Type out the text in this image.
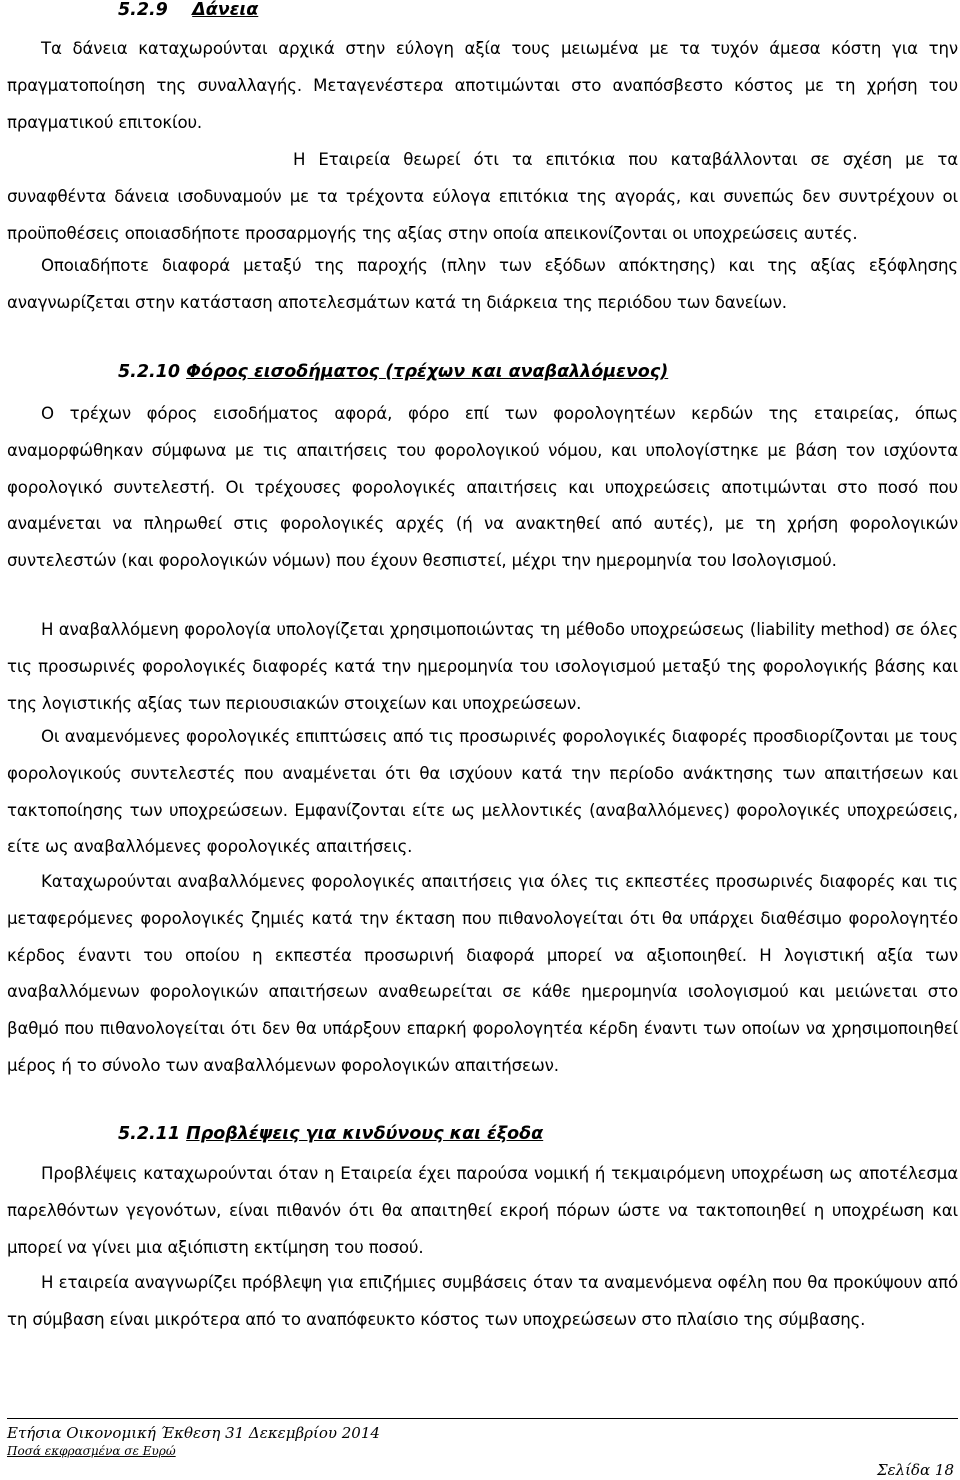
5.2.9 Δάνεια

Τα δάνεια καταχωρούνται αρχικά στην εύλογη αξία τους μειωμένα με τα τυχόν άμεσα κόστη για την πραγματοποίηση της συναλλαγής. Μεταγενέστερα αποτιμώνται στο αναπόσβεστο κόστος με τη χρήση του πραγματικού επιτοκίου.

Η Εταιρεία θεωρεί ότι τα επιτόκια που καταβάλλονται σε σχέση με τα συναφθέντα δάνεια ισοδυναμούν με τα τρέχοντα εύλογα επιτόκια της αγοράς, και συνεπώς δεν συντρέχουν οι προϋποθέσεις οποιασδήποτε προσαρμογής της αξίας στην οποία απεικονίζονται οι υποχρεώσεις αυτές.

Οποιαδήποτε διαφορά μεταξύ της παροχής (πλην των εξόδων απόκτησης) και της αξίας εξόφλησης αναγνωρίζεται στην κατάσταση αποτελεσμάτων κατά τη διάρκεια της περιόδου των δανείων.

5.2.10 Φόρος εισοδήματος (τρέχων και αναβαλλόμενος)

Ο τρέχων φόρος εισοδήματος αφορά, φόρο επί των φορολογητέων κερδών της εταιρείας, όπως αναμορφώθηκαν σύμφωνα με τις απαιτήσεις του φορολογικού νόμου, και υπολογίστηκε με βάση τον ισχύοντα φορολογικό συντελεστή. Οι τρέχουσες φορολογικές απαιτήσεις και υποχρεώσεις αποτιμώνται στο ποσό που αναμένεται να πληρωθεί στις φορολογικές αρχές (ή να ανακτηθεί από αυτές), με τη χρήση φορολογικών συντελεστών (και φορολογικών νόμων) που έχουν θεσπιστεί, μέχρι την ημερομηνία του Ισολογισμού.

Η αναβαλλόμενη φορολογία υπολογίζεται χρησιμοποιώντας τη μέθοδο υποχρεώσεως (liability method) σε όλες τις προσωρινές φορολογικές διαφορές κατά την ημερομηνία του ισολογισμού μεταξύ της φορολογικής βάσης και της λογιστικής αξίας των περιουσιακών στοιχείων και υποχρεώσεων.

Οι αναμενόμενες φορολογικές επιπτώσεις από τις προσωρινές φορολογικές διαφορές προσδιορίζονται με τους φορολογικούς συντελεστές που αναμένεται ότι θα ισχύουν κατά την περίοδο ανάκτησης των απαιτήσεων και τακτοποίησης των υποχρεώσεων. Εμφανίζονται είτε ως μελλοντικές (αναβαλλόμενες) φορολογικές υποχρεώσεις, είτε ως αναβαλλόμενες φορολογικές απαιτήσεις.

Καταχωρούνται αναβαλλόμενες φορολογικές απαιτήσεις για όλες τις εκπεστέες προσωρινές διαφορές και τις μεταφερόμενες φορολογικές ζημιές κατά την έκταση που πιθανολογείται ότι θα υπάρχει διαθέσιμο φορολογητέο κέρδος έναντι του οποίου η εκπεστέα προσωρινή διαφορά μπορεί να αξιοποιηθεί. Η λογιστική αξία των αναβαλλόμενων φορολογικών απαιτήσεων αναθεωρείται σε κάθε ημερομηνία ισολογισμού και μειώνεται στο βαθμό που πιθανολογείται ότι δεν θα υπάρξουν επαρκή φορολογητέα κέρδη έναντι των οποίων να χρησιμοποιηθεί μέρος ή το σύνολο των αναβαλλόμενων φορολογικών απαιτήσεων.

5.2.11 Προβλέψεις για κινδύνους και έξοδα

Προβλέψεις καταχωρούνται όταν η Εταιρεία έχει παρούσα νομική ή τεκμαιρόμενη υποχρέωση ως αποτέλεσμα παρελθόντων γεγονότων, είναι πιθανόν ότι θα απαιτηθεί εκροή πόρων ώστε να τακτοποιηθεί η υποχρέωση και μπορεί να γίνει μια αξιόπιστη εκτίμηση του ποσού.

Η εταιρεία αναγνωρίζει πρόβλεψη για επιζήμιες συμβάσεις όταν τα αναμενόμενα οφέλη που θα προκύψουν από τη σύμβαση είναι μικρότερα από το αναπόφευκτο κόστος των υποχρεώσεων στο πλαίσιο της σύμβασης.

Ετήσια Οικονομική Έκθεση 31 Δεκεμβρίου 2014
Ποσά εκφρασμένα σε Ευρώ
Σελίδα 18
